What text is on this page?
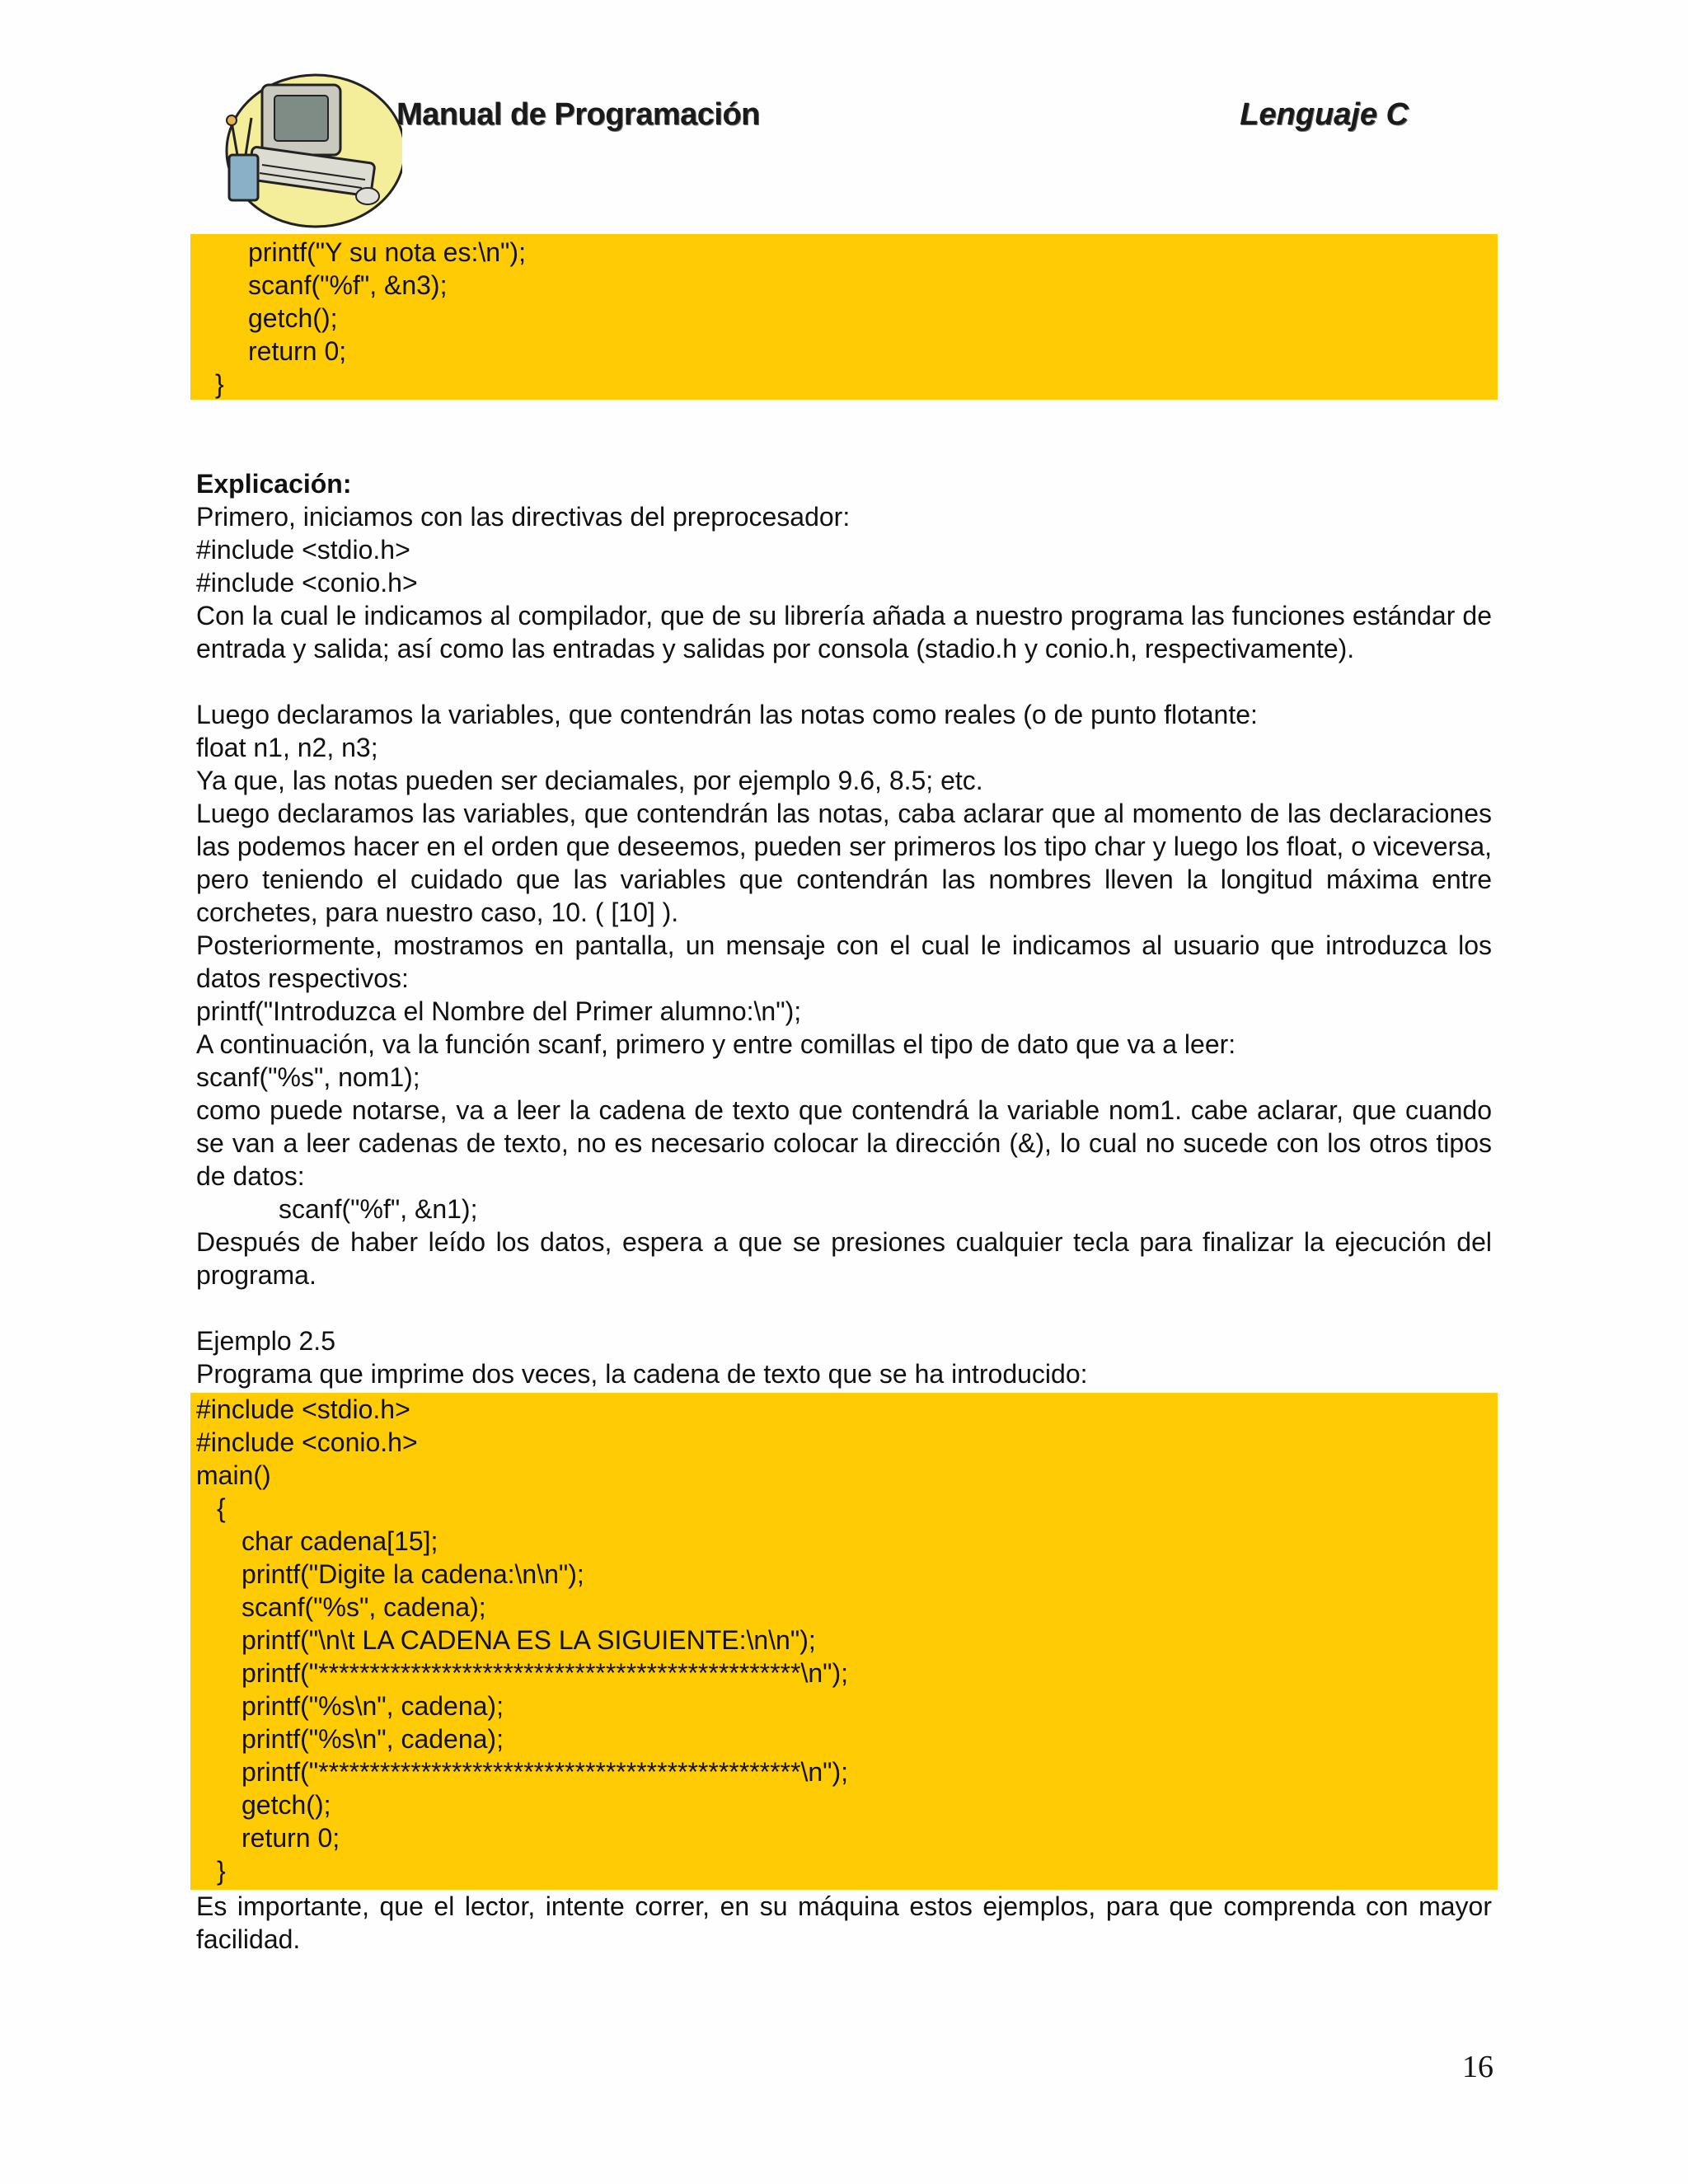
Manual de Programación	Lenguaje C
printf("Y su nota es:\n");
scanf("%f", &n3);
getch();
return 0;
}
Explicación:
Primero, iniciamos con las directivas del preprocesador:
#include <stdio.h>
#include <conio.h>
Con la cual le indicamos al compilador, que de su librería añada a nuestro programa las funciones estándar de entrada y salida; así como las entradas y salidas por consola (stadio.h y conio.h, respectivamente).
Luego declaramos la variables, que contendrán las notas como reales (o de punto flotante:
float n1, n2, n3;
Ya que, las notas pueden ser deciamales, por ejemplo 9.6, 8.5; etc.
Luego declaramos las variables, que contendrán las notas, caba aclarar que al momento de las declaraciones las podemos hacer en el orden que deseemos, pueden ser primeros los tipo char y luego los float, o viceversa, pero teniendo el cuidado que las variables que contendrán las nombres lleven la longitud máxima entre corchetes, para nuestro caso, 10. ( [10] ).
Posteriormente, mostramos en pantalla, un mensaje con el cual le indicamos al usuario que introduzca los datos respectivos:
printf("Introduzca el Nombre del Primer alumno:\n");
A continuación, va la función scanf, primero y entre comillas el tipo de dato que va a leer:
scanf("%s", nom1);
como puede notarse, va a leer la cadena de texto que contendrá la variable nom1. cabe aclarar, que cuando se van a leer cadenas de texto, no es necesario colocar la dirección (&), lo cual no sucede con los otros tipos de datos:
scanf("%f", &n1);
Después de haber leído los datos, espera a que se presiones cualquier tecla para finalizar la ejecución del programa.
Ejemplo 2.5
Programa que imprime dos veces, la cadena de texto que se ha introducido:
#include <stdio.h>
#include <conio.h>
main()
{
char cadena[15];
printf("Digite la cadena:\n\n");
scanf("%s", cadena);
printf("\n\t LA CADENA ES LA SIGUIENTE:\n\n");
printf("***********************************************\n");
printf("%s\n", cadena);
printf("%s\n", cadena);
printf("***********************************************\n");
getch();
return 0;
}
Es importante, que el lector, intente correr, en su máquina estos ejemplos, para que comprenda con mayor facilidad.
16
